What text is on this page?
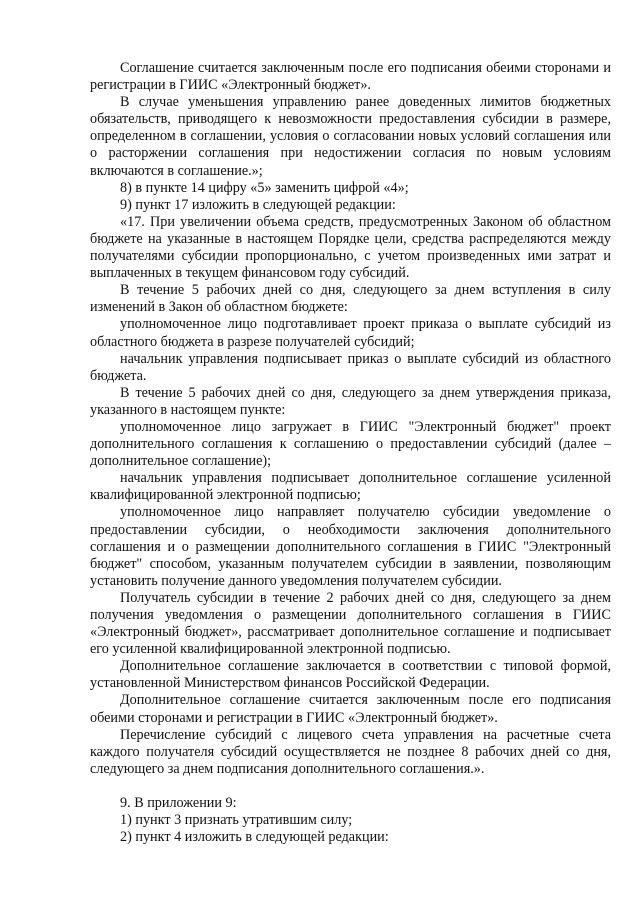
Соглашение считается заключенным после его подписания обеими сторонами и регистрации в ГИИС «Электронный бюджет».

В случае уменьшения управлению ранее доведенных лимитов бюджетных обязательств, приводящего к невозможности предоставления субсидии в размере, определенном в соглашении, условия о согласовании новых условий соглашения или о расторжении соглашения при недостижении согласия по новым условиям включаются в соглашение.»;

8) в пункте 14 цифру «5» заменить цифрой «4»;

9) пункт 17 изложить в следующей редакции:

«17. При увеличении объема средств, предусмотренных Законом об областном бюджете на указанные в настоящем Порядке цели, средства распределяются между получателями субсидии пропорционально, с учетом произведенных ими затрат и выплаченных в текущем финансовом году субсидий.

В течение 5 рабочих дней со дня, следующего за днем вступления в силу изменений в Закон об областном бюджете:

уполномоченное лицо подготавливает проект приказа о выплате субсидий из областного бюджета в разрезе получателей субсидий;

начальник управления подписывает приказ о выплате субсидий из областного бюджета.

В течение 5 рабочих дней со дня, следующего за днем утверждения приказа, указанного в настоящем пункте:

уполномоченное лицо загружает в ГИИС "Электронный бюджет" проект дополнительного соглашения к соглашению о предоставлении субсидий (далее – дополнительное соглашение);

начальник управления подписывает дополнительное соглашение усиленной квалифицированной электронной подписью;

уполномоченное лицо направляет получателю субсидии уведомление о предоставлении субсидии, о необходимости заключения дополнительного соглашения и о размещении дополнительного соглашения в ГИИС "Электронный бюджет" способом, указанным получателем субсидии в заявлении, позволяющим установить получение данного уведомления получателем субсидии.

Получатель субсидии в течение 2 рабочих дней со дня, следующего за днем получения уведомления о размещении дополнительного соглашения в ГИИС «Электронный бюджет», рассматривает дополнительное соглашение и подписывает его усиленной квалифицированной электронной подписью.

Дополнительное соглашение заключается в соответствии с типовой формой, установленной Министерством финансов Российской Федерации.

Дополнительное соглашение считается заключенным после его подписания обеими сторонами и регистрации в ГИИС «Электронный бюджет».

Перечисление субсидий с лицевого счета управления на расчетные счета каждого получателя субсидий осуществляется не позднее 8 рабочих дней со дня, следующего за днем подписания дополнительного соглашения.».

9. В приложении 9:

1) пункт 3 признать утратившим силу;

2) пункт 4 изложить в следующей редакции:
